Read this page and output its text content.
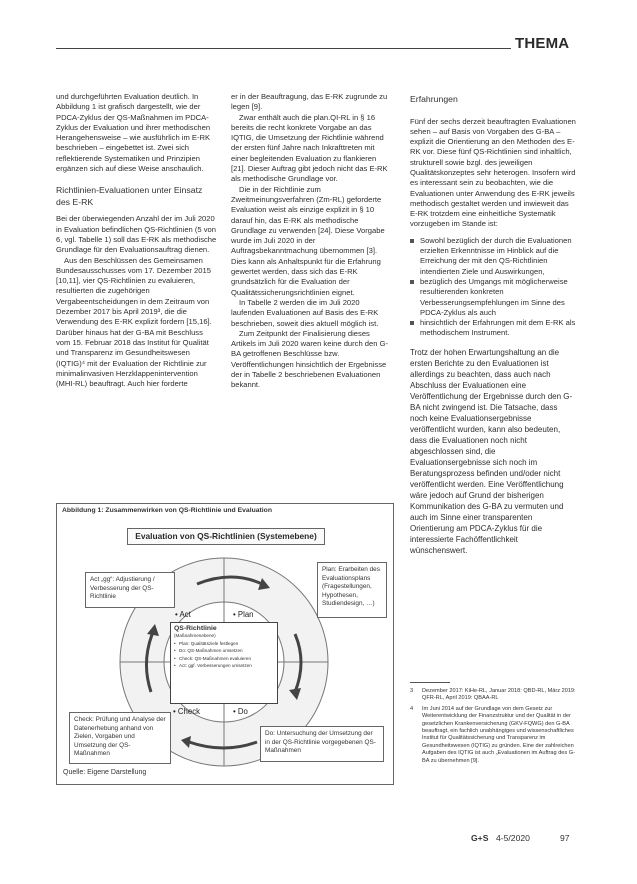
THEMA

und durchgeführten Evaluation deutlich. In Abbildung 1 ist grafisch dargestellt, wie der PDCA-Zyklus der QS-Maßnahmen im PDCA-Zyklus der Evaluation und ihrer methodischen Herangehensweise – wie ausführlich im E-RK beschrieben – eingebettet ist. Zwei sich reflektierende Systematiken und Prinzipien ergänzen sich auf diese Weise anschaulich.

Richtlinien-Evaluationen unter Einsatz des E-RK

Bei der überwiegenden Anzahl der im Juli 2020 in Evaluation befindlichen QS-Richtlinien (5 von 6, vgl. Tabelle 1) soll das E-RK als methodische Grundlage für den Evaluationsauftrag dienen.

Aus den Beschlüssen des Gemeinsamen Bundesausschusses vom 17. Dezember 2015 [10,11], vier QS-Richtlinien zu evaluieren, resultierten die zugehörigen Vergabeentscheidungen in dem Zeitraum von Dezember 2017 bis April 2019³, die die Verwendung des E-RK explizit fordern [15,16]. Darüber hinaus hat der G-BA mit Beschluss vom 15. Februar 2018 das Institut für Qualität und Transparenz im Gesundheitswesen (IQTIG)⁴ mit der Evaluation der Richtlinie zur minimalinvasiven Herzklappenintervention (MHI-RL) beauftragt. Auch hier forderte

er in der Beauftragung, das E-RK zugrunde zu legen [9].

Zwar enthält auch die plan.QI-RL in § 16 bereits die recht konkrete Vorgabe an das IQTIG, die Umsetzung der Richtlinie während der ersten fünf Jahre nach Inkrafttreten mit einer begleitenden Evaluation zu flankieren [21]. Dieser Auftrag gibt jedoch nicht das E-RK als methodische Grundlage vor.

Die in der Richtlinie zum Zweitmeinungsverfahren (Zm-RL) geforderte Evaluation weist als einzige explizit in § 10 darauf hin, das E-RK als methodische Grundlage zu verwenden [24]. Diese Vorgabe wurde im Juli 2020 in der Auftragsbekanntmachung übernommen [3]. Dies kann als Anhaltspunkt für die Erfahrung gewertet werden, dass sich das E-RK grundsätzlich für die Evaluation der Qualitätssicherungsrichtlinien eignet.

In Tabelle 2 werden die im Juli 2020 laufenden Evaluationen auf Basis des E-RK beschrieben, soweit dies aktuell möglich ist.

Zum Zeitpunkt der Finalisierung dieses Artikels im Juli 2020 waren keine durch den G-BA getroffenen Beschlüsse bzw. Veröffentlichungen hinsichtlich der Ergebnisse der in Tabelle 2 beschriebenen Evaluationen bekannt.

Erfahrungen

Fünf der sechs derzeit beauftragten Evaluationen sehen – auf Basis von Vorgaben des G-BA – explizit die Orientierung an den Methoden des E-RK vor. Diese fünf QS-Richtlinien sind inhaltlich, strukturell sowie bzgl. des jeweiligen Qualitätskonzeptes sehr heterogen. Insofern wird es interessant sein zu beobachten, wie die Evaluationen unter Anwendung des E-RK jeweils methodisch gestaltet werden und inwieweit das E-RK trotzdem eine einheitliche Systematik vorzugeben im Stande ist:

Sowohl bezüglich der durch die Evaluationen erzielten Erkenntnisse im Hinblick auf die Erreichung der mit den QS-Richtlinien intendierten Ziele und Auswirkungen,
bezüglich des Umgangs mit möglicherweise resultierenden konkreten Verbesserungsempfehlungen im Sinne des PDCA-Zyklus als auch
hinsichtlich der Erfahrungen mit dem E-RK als methodischem Instrument.

Trotz der hohen Erwartungshaltung an die ersten Berichte zu den Evaluationen ist allerdings zu beachten, dass auch nach Abschluss der Evaluationen eine Veröffentlichung der Ergebnisse durch den G-BA nicht zwingend ist. Die Tatsache, dass noch keine Evaluationsergebnisse veröffentlicht wurden, kann also bedeuten, dass die Evaluationen noch nicht abgeschlossen sind, die Evaluationsergebnisse sich noch im Beratungsprozess befinden und/oder nicht veröffentlicht werden. Eine Veröffentlichung wäre jedoch auf Grund der bisherigen Kommunikation des G-BA zu vermuten und auch im Sinne einer transparenten Orientierung am PDCA-Zyklus für die interessierte Fachöffentlichkeit wünschenswert.

Abbildung 1: Zusammenwirken von QS-Richtlinie und Evaluation
Evaluation von QS-Richtlinien (Systemebene)
Act „gg“: Adjustierung / Verbesserung der QS-Richtlinie
Plan: Erarbeiten des Evaluationsplans (Fragestellungen, Hypothesen, Studiendesign, …)
Check: Prüfung und Analyse der Datenerhebung anhand von Zielen, Vorgaben und Umsetzung der QS-Maßnahmen
Do: Untersuchung der Umsetzung der in der QS-Richtlinie vorgegebenen QS-Maßnahmen
• Act	• Plan
• Check	• Do
QS-Richtlinie
(Maßnahmenebene)
• Plan: Qualitätsziele festlegen
• Do: QS-Maßnahmen umsetzen
• Check: QS-Maßnahmen evaluieren
• Act: ggf. Verbesserungen umsetzen
Quelle: Eigene Darstellung
3 Dezember 2017: KiHe-RL, Januar 2018: QBD-RL, März 2019: QFR-RL, April 2019: QBAA-RL
4 Im Juni 2014 auf der Grundlage von dem Gesetz zur Weiterentwicklung der Finanzstruktur und der Qualität in der gesetzlichen Krankenversicherung (GKV-FQWG) den G-BA beauftragt, ein fachlich unabhängiges und wissenschaftliches Institut für Qualitätssicherung und Transparenz im Gesundheitswesen (IQTIG) zu gründen. Eine der zahlreichen Aufgaben des IQTIG ist auch „Evaluationen im Auftrag des G-BA zu übernehmen [9].
G+S 4-5/2020	97
